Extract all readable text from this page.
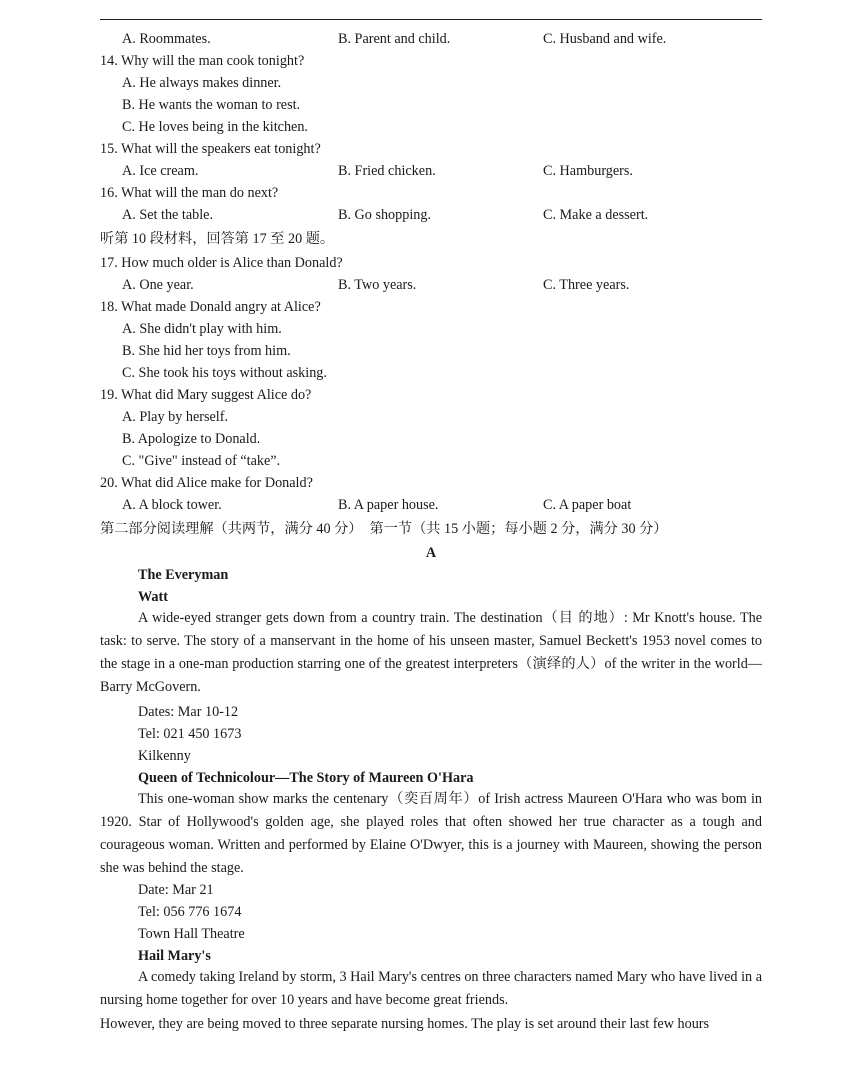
A. Roommates.	B. Parent and child.	C. Husband and wife.
14. Why will the man cook tonight?
A. He always makes dinner.
B. He wants the woman to rest.
C. He loves being in the kitchen.
15. What will the speakers eat tonight?
A. Ice cream.	B. Fried chicken.	C. Hamburgers.
16. What will the man do next?
A. Set the table.	B. Go shopping.	C. Make a dessert.
听第 10 段材料，回答第 17 至 20 题。
17. How much older is Alice than Donald?
A. One year.	B. Two years.	C. Three years.
18. What made Donald angry at Alice?
A. She didn't play with him.
B. She hid her toys from him.
C. She took his toys without asking.
19. What did Mary suggest Alice do?
A. Play by herself.
B. Apologize to Donald.
C. "Give" instead of “take”.
20. What did Alice make for Donald?
A. A block tower.	B. A paper house.	C. A paper boat
第二部分阅读理解（共两节，满分 40 分）　第一节（共 15 小题；每小题 2 分，满分 30 分）
A
The Everyman
Watt
A wide-eyed stranger gets down from a country train. The destination（目 的地）: Mr Knott's house. The task: to serve. The story of a manservant in the home of his unseen master, Samuel Beckett's 1953 novel comes to the stage in a one-man production starring one of the greatest interpreters（演绎的人）of the writer in the world—Barry McGovern.
Dates: Mar 10-12
Tel: 021 450 1673
Kilkenny
Queen of Technicolour—The Story of Maureen O'Hara
This one-woman show marks the centenary（奕百周年）of Irish actress Maureen O'Hara who was bom in 1920. Star of Hollywood's golden age, she played roles that often showed her true character as a tough and courageous woman. Written and performed by Elaine O'Dwyer, this is a journey with Maureen, showing the person she was behind the stage.
Date: Mar 21
Tel: 056 776 1674
Town Hall Theatre
Hail Mary's
A comedy taking Ireland by storm, 3 Hail Mary's centres on three characters named Mary who have lived in a nursing home together for over 10 years and have become great friends.
However, they are being moved to three separate nursing homes. The play is set around their last few hours
